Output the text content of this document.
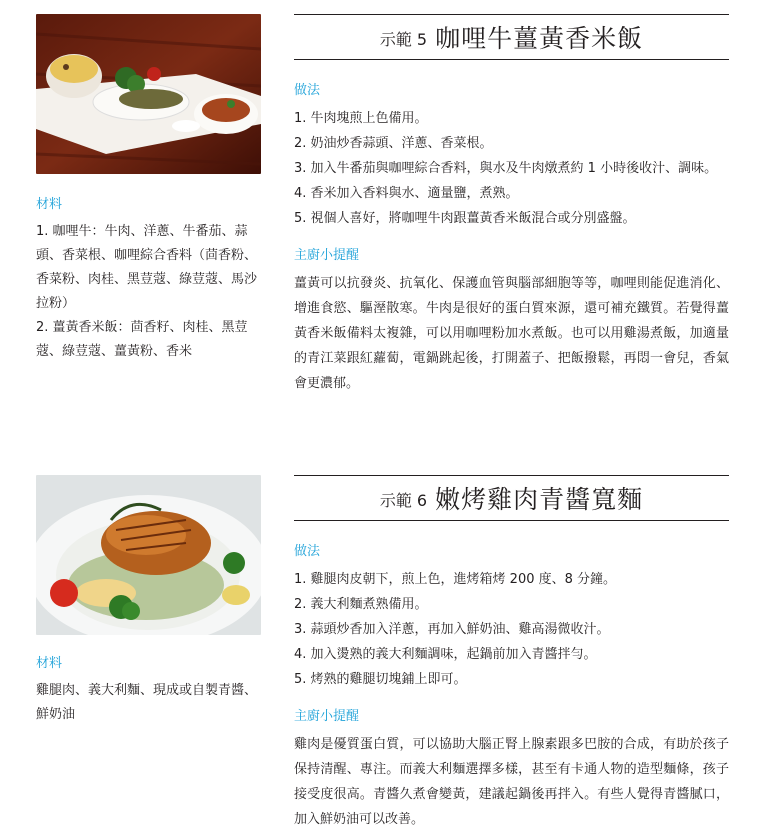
材料

1. 咖哩牛：牛肉、洋蔥、牛番茄、蒜頭、香菜根、咖哩綜合香料（茴香粉、香菜粉、肉桂、黑荳蔻、綠荳蔻、馬沙拉粉）

2. 薑黃香米飯：茴香籽、肉桂、黑荳蔻、綠荳蔻、薑黃粉、香米

示範 5 咖哩牛薑黃香米飯
做法
1. 牛肉塊煎上色備用。
2. 奶油炒香蒜頭、洋蔥、香菜根。
3. 加入牛番茄與咖哩綜合香料，與水及牛肉燉煮約 1 小時後收汁、調味。
4. 香米加入香料與水、適量鹽，煮熟。
5. 視個人喜好，將咖哩牛肉跟薑黃香米飯混合或分別盛盤。
主廚小提醒

薑黃可以抗發炎、抗氧化、保護血管與腦部細胞等等，咖哩則能促進消化、增進食慾、驅溼散寒。牛肉是很好的蛋白質來源，還可補充鐵質。若覺得薑黃香米飯備料太複雜，可以用咖哩粉加水煮飯。也可以用雞湯煮飯，加適量的青江菜跟紅蘿蔔，電鍋跳起後，打開蓋子、把飯撥鬆，再悶一會兒，香氣會更濃郁。

材料

雞腿肉、義大利麵、現成或自製青醬、鮮奶油

示範 6 嫩烤雞肉青醬寬麵
做法
1. 雞腿肉皮朝下，煎上色，進烤箱烤 200 度、8 分鐘。
2. 義大利麵煮熟備用。
3. 蒜頭炒香加入洋蔥，再加入鮮奶油、雞高湯微收汁。
4. 加入燙熟的義大利麵調味，起鍋前加入青醬拌勻。
5. 烤熟的雞腿切塊鋪上即可。
主廚小提醒

雞肉是優質蛋白質，可以協助大腦正腎上腺素跟多巴胺的合成，有助於孩子保持清醒、專注。而義大利麵選擇多樣，甚至有卡通人物的造型麵條，孩子接受度很高。青醬久煮會變黃，建議起鍋後再拌入。有些人覺得青醬膩口，加入鮮奶油可以改善。
